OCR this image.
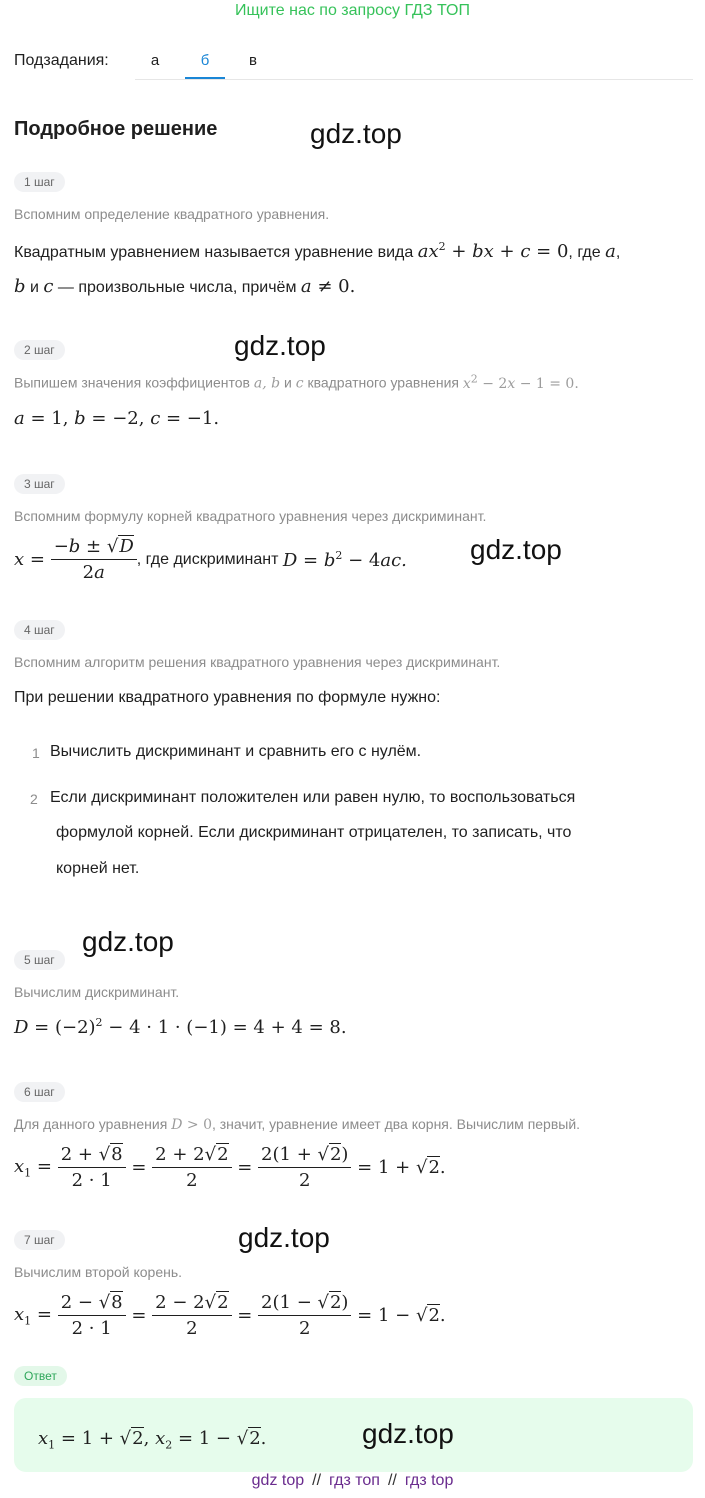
Ищите нас по запросу ГДЗ ТОП
Подзадания:	а	б	в
Подробное решение	gdz.top
1 шаг
Вспомним определение квадратного уравнения.
Квадратным уравнением называется уравнение вида $ax^2$ + bx + c = 0, где a,
b и c — произвольные числа, причём a ≠ 0.
2 шаг	gdz.top
Выпишем значения коэффициентов a, b и c квадратного уравнения $x^2 - 2x - 1 = 0$.
a = 1, b = −2, c = −1.
3 шаг
Вспомним формулу корней квадратного уравнения через дискриминант.
$x = \frac{-b \pm √D}{2a}$ , где дискриминант
$D = b^2 - 4ac$. gdz.top
4 шаг
Вспомним алгоритм решения квадратного уравнения через дискриминант.
При решении квадратного уравнения по формуле нужно:
1 Вычислить дискриминант и сравнить его с нулём.
2 Если дискриминант положителен или равен нулю, то воспользоваться
формулой корней. Если дискриминант отрицателен, то записать, что
корней нет.
gdz.top
5 шаг
Вычислим дискриминант.
$D = (-2)^2 - 4 \cdot 1 \cdot (-1) = 4 + 4 = 8$.
6 шаг
Для данного уравнения D > 0, значит, уравнение имеет два корня. Вычислим первый.
$x_1 = \frac{2 + √8}{2 \cdot 1} = \frac{2 + 2√2}{2} = \frac{2(1 + √2)}{2} = 1 + √2$.
7 шаг	gdz.top
Вычислим второй корень.
$x_1 = \frac{2 - √8}{2 \cdot 1} = \frac{2 - 2√2}{2} = \frac{2(1 - √2)}{2} = 1 - √2$.
Ответ
$x_1 = 1 + √2$, $x_2 = 1 - √2$.	gdz.top
gdz top // гдз топ // гдз top
